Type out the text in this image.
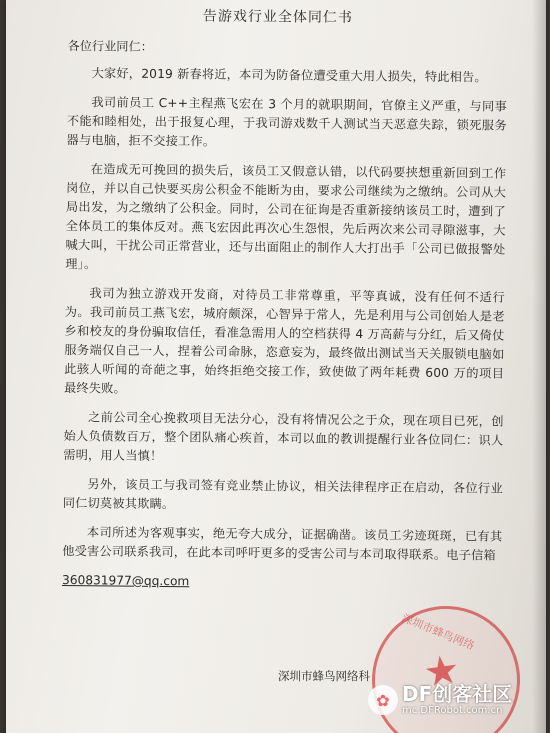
告游戏行业全体同仁书
各位行业同仁：

大家好，2019 新春将近，本司为防备位遭受重大用人损失，特此相告。

我司前员工 C++主程燕飞宏在 3 个月的就职期间，官僚主义严重，与同事不能和睦相处，出于报复心理，于我司游戏数千人测试当天恶意失踪，锁死服务器与电脑，拒不交接工作。

在造成无可挽回的损失后，该员工又假意认错，以代码要挟想重新回到工作岗位，并以自己快要买房公积金不能断为由，要求公司继续为之缴纳。公司从大局出发，为之缴纳了公积金。同时，公司在征询是否重新接纳该员工时，遭到了全体员工的集体反对。燕飞宏因此再次心生怨恨，先后两次来公司寻隙滋事，大喊大叫，干扰公司正常营业，还与出面阻止的制作人大打出手「公司已做报警处理」。

我司为独立游戏开发商，对待员工非常尊重，平等真诚，没有任何不适行为。我司前员工燕飞宏，城府颇深，心智异于常人，先是利用与公司创始人是老乡和校友的身份骗取信任，看准急需用人的空档获得 4 万高薪与分红，后又倚仗服务端仅自己一人，捏着公司命脉，恣意妄为，最终做出测试当天关服锁电脑如此骇人听闻的奇葩之事，始终拒绝交接工作，致使做了两年耗费 600 万的项目最终失败。

之前公司全心挽救项目无法分心，没有将情况公之于众，现在项目已死，创始人负债数百万，整个团队痛心疾首，本司以血的教训提醒行业各位同仁：识人需明，用人当慎！

另外，该员工与我司签有竞业禁止协议，相关法律程序正在启动，各位行业同仁切莫被其欺瞒。

本司所述为客观事实，绝无夸大成分，证据确凿。该员工劣迹斑斑，已有其他受害公司联系我司，在此本司呼吁更多的受害公司与本司取得联系。电子信箱

360831977@qq.com
深圳市蜂鸟网络
★
深圳市蜂鸟网络科
✿ DF创客社区
mc.DFRobot.com.cn
